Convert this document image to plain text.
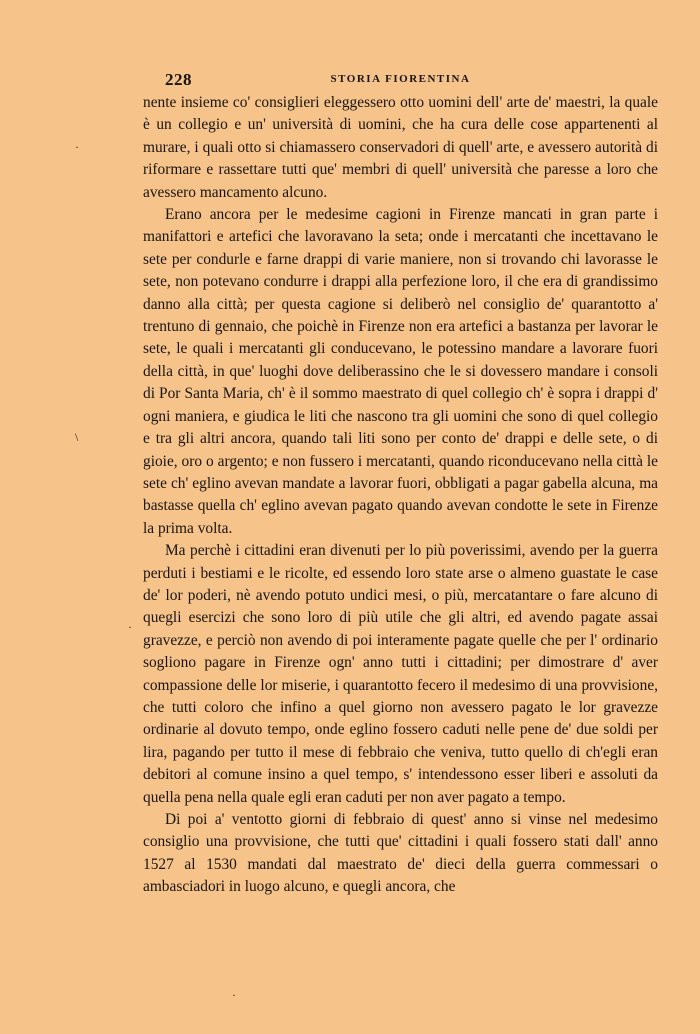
228	STORIA FIORENTINA

nente insieme co' consiglieri eleggessero otto uomini dell' arte de' maestri, la quale è un collegio e un' università di uomini, che ha cura delle cose appartenenti al murare, i quali otto si chiamassero conservadori di quell' arte, e avessero autorità di riformare e rassettare tutti que' membri di quell' università che paresse a loro che avessero mancamento alcuno.

Erano ancora per le medesime cagioni in Firenze mancati in gran parte i manifattori e artefici che lavoravano la seta; onde i mercatanti che incettavano le sete per condurle e farne drappi di varie maniere, non si trovando chi lavorasse le sete, non potevano condurre i drappi alla perfezione loro, il che era di grandissimo danno alla città; per questa cagione si deliberò nel consiglio de' quarantotto a' trentuno di gennaio, che poichè in Firenze non era artefici a bastanza per lavorar le sete, le quali i mercatanti gli conducevano, le potessino mandare a lavorare fuori della città, in que' luoghi dove deliberassino che le si dovessero mandare i consoli di Por Santa Maria, ch' è il sommo maestrato di quel collegio ch' è sopra i drappi d' ogni maniera, e giudica le liti che nascono tra gli uomini che sono di quel collegio e tra gli altri ancora, quando tali liti sono per conto de' drappi e delle sete, o di gioie, oro o argento; e non fussero i mercatanti, quando riconducevano nella città le sete ch' eglino avevan mandate a lavorar fuori, obbligati a pagar gabella alcuna, ma bastasse quella ch' eglino avevan pagato quando avevan condotte le sete in Firenze la prima volta.

Ma perchè i cittadini eran divenuti per lo più poverissimi, avendo per la guerra perduti i bestiami e le ricolte, ed essendo loro state arse o almeno guastate le case de' lor poderi, nè avendo potuto undici mesi, o più, mercatantare o fare alcuno di quegli esercizi che sono loro di più utile che gli altri, ed avendo pagate assai gravezze, e perciò non avendo di poi interamente pagate quelle che per l' ordinario sogliono pagare in Firenze ogn' anno tutti i cittadini; per dimostrare d' aver compassione delle lor miserie, i quarantotto fecero il medesimo di una provvisione, che tutti coloro che infino a quel giorno non avessero pagato le lor gravezze ordinarie al dovuto tempo, onde eglino fossero caduti nelle pene de' due soldi per lira, pagando per tutto il mese di febbraio che veniva, tutto quello di ch'egli eran debitori al comune insino a quel tempo, s' intendessono esser liberi e assoluti da quella pena nella quale egli eran caduti per non aver pagato a tempo.

Di poi a' ventotto giorni di febbraio di quest' anno si vinse nel medesimo consiglio una provvisione, che tutti que' cittadini i quali fossero stati dall' anno 1527 al 1530 mandati dal maestrato de' dieci della guerra commessari o ambasciadori in luogo alcuno, e quegli ancora, che

·
\
·
·
